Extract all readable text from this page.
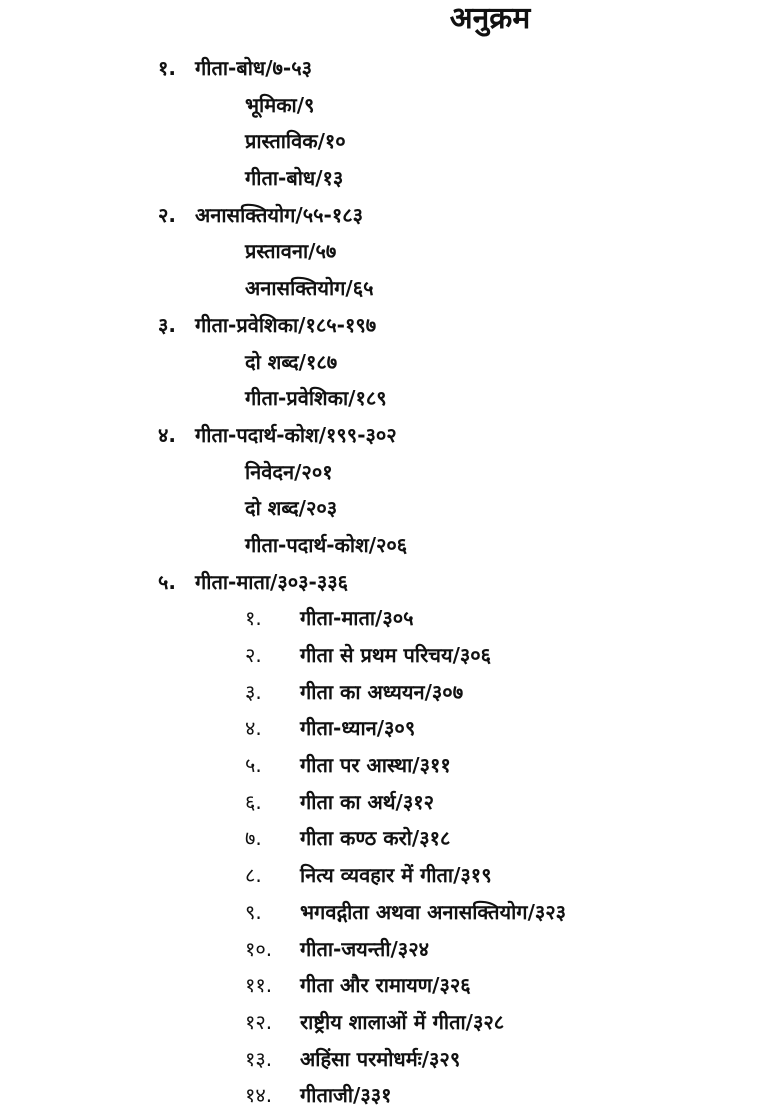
अनुक्रम
१. गीता-बोध/७-५३
भूमिका/९
प्रास्ताविक/१०
गीता-बोध/१३
२. अनासक्तियोग/५५-१८३
प्रस्तावना/५७
अनासक्तियोग/६५
३. गीता-प्रवेशिका/१८५-१९७
दो शब्द/१८७
गीता-प्रवेशिका/१८९
४. गीता-पदार्थ-कोश/१९९-३०२
निवेदन/२०१
दो शब्द/२०३
गीता-पदार्थ-कोश/२०६
५. गीता-माता/३०३-३३६
१. गीता-माता/३०५
२. गीता से प्रथम परिचय/३०६
३. गीता का अध्ययन/३०७
४. गीता-ध्यान/३०९
५. गीता पर आस्था/३११
६. गीता का अर्थ/३१२
७. गीता कण्ठ करो/३१८
८. नित्य व्यवहार में गीता/३१९
९. भगवद्गीता अथवा अनासक्तियोग/३२३
१०. गीता-जयन्ती/३२४
११. गीता और रामायण/३२६
१२. राष्ट्रीय शालाओं में गीता/३२८
१३. अहिंसा परमोधर्मः/३२९
१४. गीताजी/३३१
